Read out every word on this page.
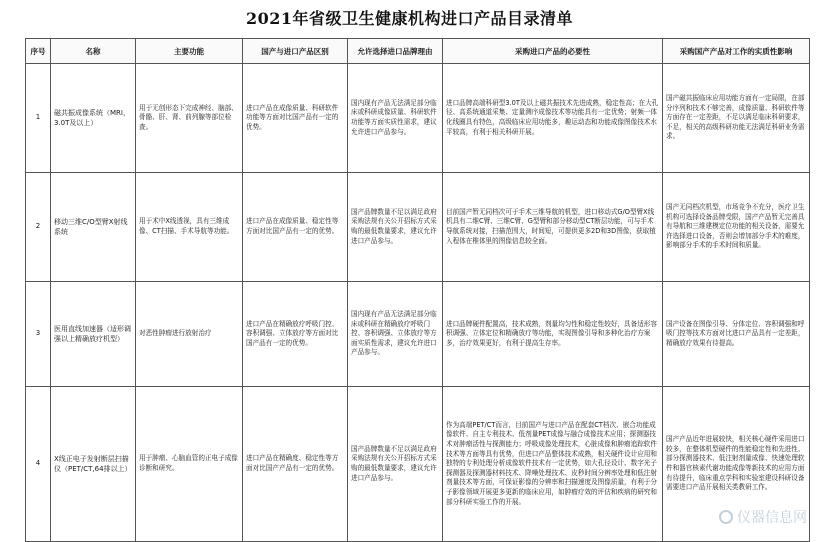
2021年省级卫生健康机构进口产品目录清单
序号	名称	主要功能	国产与进口产品区别	允许选择进口品牌理由	采购进口产品的必要性	采购国产产品对工作的实质性影响
1	磁共振成像系统（MRI，3.0T及以上）	用于无创形态下完成神经、脑部、骨骼、肝、肾、前列腺等部位检查。	进口产品在成像质量、科研软件功能等方面对比国产品有一定的优势。	国内现有产品无法满足部分临床或科研成像质量、科研软件功能等方面实质性需求，建议允许进口产品参与。	进口品牌高端科研型3.0T及以上磁共振技术先进成熟，稳定性高；在大孔径、高系统通道采集、定量测序成像技术等功能具有一定优势；射频一体化线圈具有特色，高级临床应用功能多，趣运动态和功能成像图像技术水平较高，有利于相关科研开展。	国产磁共振临床应用功能方面有一定局限，在部分序列和技术不够完善，成像质量、科研软件等方面存在一定差距，不足以满足临床科研要求，不足，相关的高级科研功能无法满足科研业务需求。
2	移动三维C/O型臂X射线系统	用于术中X线透视，具有三维成像、CT扫描、手术导航等功能。	进口产品在成像质量、稳定性等方面对比国产品有一定的优势。	国产品牌数量不足以满足政府采购法规有关公开招标方式采购的最低数量要求，建议允许进口产品参与。	目前国产暂无同档次可于手术三维导航的机型，进口移动式G/O型臂X线机具有二维C臂、三维C臂、G型臂和部分移动型CT断层功能，可与手术导航系统对接，扫描范围大，时间短，可提供更多2D和3D图像，获取植入程体在椎体里的图像信息较全面。	国产无同档次机型，市场竞争不充分，医疗卫生机构可选择设备品牌受限，国产产品暂无完善具有导航和三维建模定位功能的相关设备，需要允许选择进口设备，否则会增加部分手术的难度，影响部分手术的手术时间和质量。
3	医用直线加速器（适形调强以上精确放疗机型）	对恶性肿瘤进行放射治疗	进口产品在精确放疗呼吸门控、容积调强、立体放疗等方面对比国产品有一定的优势。	国内现有产品无法满足部分临床或科研在精确放疗呼吸门控、容积调强、立体放疗等方面实质性需求，建议允许进口产品参与。	进口品牌硬件配置高，技术成熟，剂量均匀性和稳定性较好，具备适形容积调强、立体定位和精确放疗等功能，实现图像引导和多种化治疗方案多，治疗效果更好，有利于提高生存率。	国产设备在图像引导、分体定位、容积调强和呼吸门控等技术方面对比进口产品具有一定差距，精确放疗效果有待提高。
4	X线正电子发射断层扫描仪（PET/CT,64排以上）	用于肿瘤、心脑血管的正电子成像诊断和研究。	进口产品在精确度、稳定性等方面对比国产产品有一定的优势。	国产品牌数量不足以满足政府采购法规有关公开招标方式采购的最低数量要求，建议允许进口产品参与。	作为高端PET/CT而言，目前国产与进口产品在配套CT档次、嵌合功能成像软件、自主专利技术、低剂量PET成像与融合成像技术应用；探测器技术对肿瘤活性与探测能力；呼吸成像处理技术，心脏成像和肿瘤追踪软件技术等方面等具有优势，但进口产品整体技术成熟，相关硬件设计应用和独特的专利处理分析成像软件技术有一定优势，如大孔径设计、数字光子探测器及探测器材料技术、降噪处理技术、皮秒时间分辨率处理和低注射剂量技术等方面，可保证影像的分辨率和扫描速度及图像质量，有利于分子影像领域开展更多更新的临床应用，如肿瘤疗效的评估和疾病的研究和部分科研实验工作的开展。	国产产品近年进展较快，相关核心硬件采用进口较多，在整体机型硬件的性能稳定性和先进性、部分探测器技术、低注射剂量成像、快速处理软件和器官核素代谢功能成像等新技术的应用方面有待提升，临床重点学科和实验室建设科研设备需要进口产品开展相关类教研工作。
仪器信息网
